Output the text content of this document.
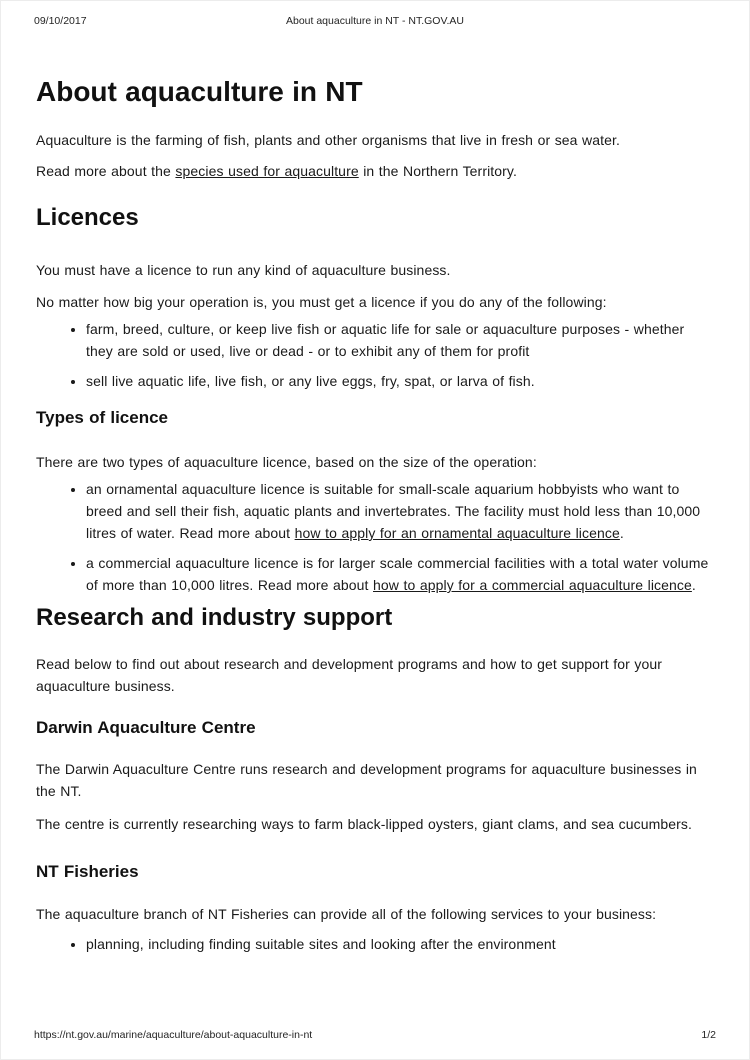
09/10/2017	About aquaculture in NT - NT.GOV.AU
About aquaculture in NT

Aquaculture is the farming of fish, plants and other organisms that live in fresh or sea water.

Read more about the species used for aquaculture in the Northern Territory.

Licences

You must have a licence to run any kind of aquaculture business.

No matter how big your operation is, you must get a licence if you do any of the following:

• farm, breed, culture, or keep live fish or aquatic life for sale or aquaculture purposes - whether they are sold or used, live or dead - or to exhibit any of them for profit
• sell live aquatic life, live fish, or any live eggs, fry, spat, or larva of fish.
Types of licence

There are two types of aquaculture licence, based on the size of the operation:

• an ornamental aquaculture licence is suitable for small-scale aquarium hobbyists who want to breed and sell their fish, aquatic plants and invertebrates. The facility must hold less than 10,000 litres of water. Read more about how to apply for an ornamental aquaculture licence.
• a commercial aquaculture licence is for larger scale commercial facilities with a total water volume of more than 10,000 litres. Read more about how to apply for a commercial aquaculture licence.
Research and industry support

Read below to find out about research and development programs and how to get support for your aquaculture business.

Darwin Aquaculture Centre

The Darwin Aquaculture Centre runs research and development programs for aquaculture businesses in the NT.

The centre is currently researching ways to farm black-lipped oysters, giant clams, and sea cucumbers.

NT Fisheries

The aquaculture branch of NT Fisheries can provide all of the following services to your business:

• planning, including finding suitable sites and looking after the environment
https://nt.gov.au/marine/aquaculture/about-aquaculture-in-nt	1/2
